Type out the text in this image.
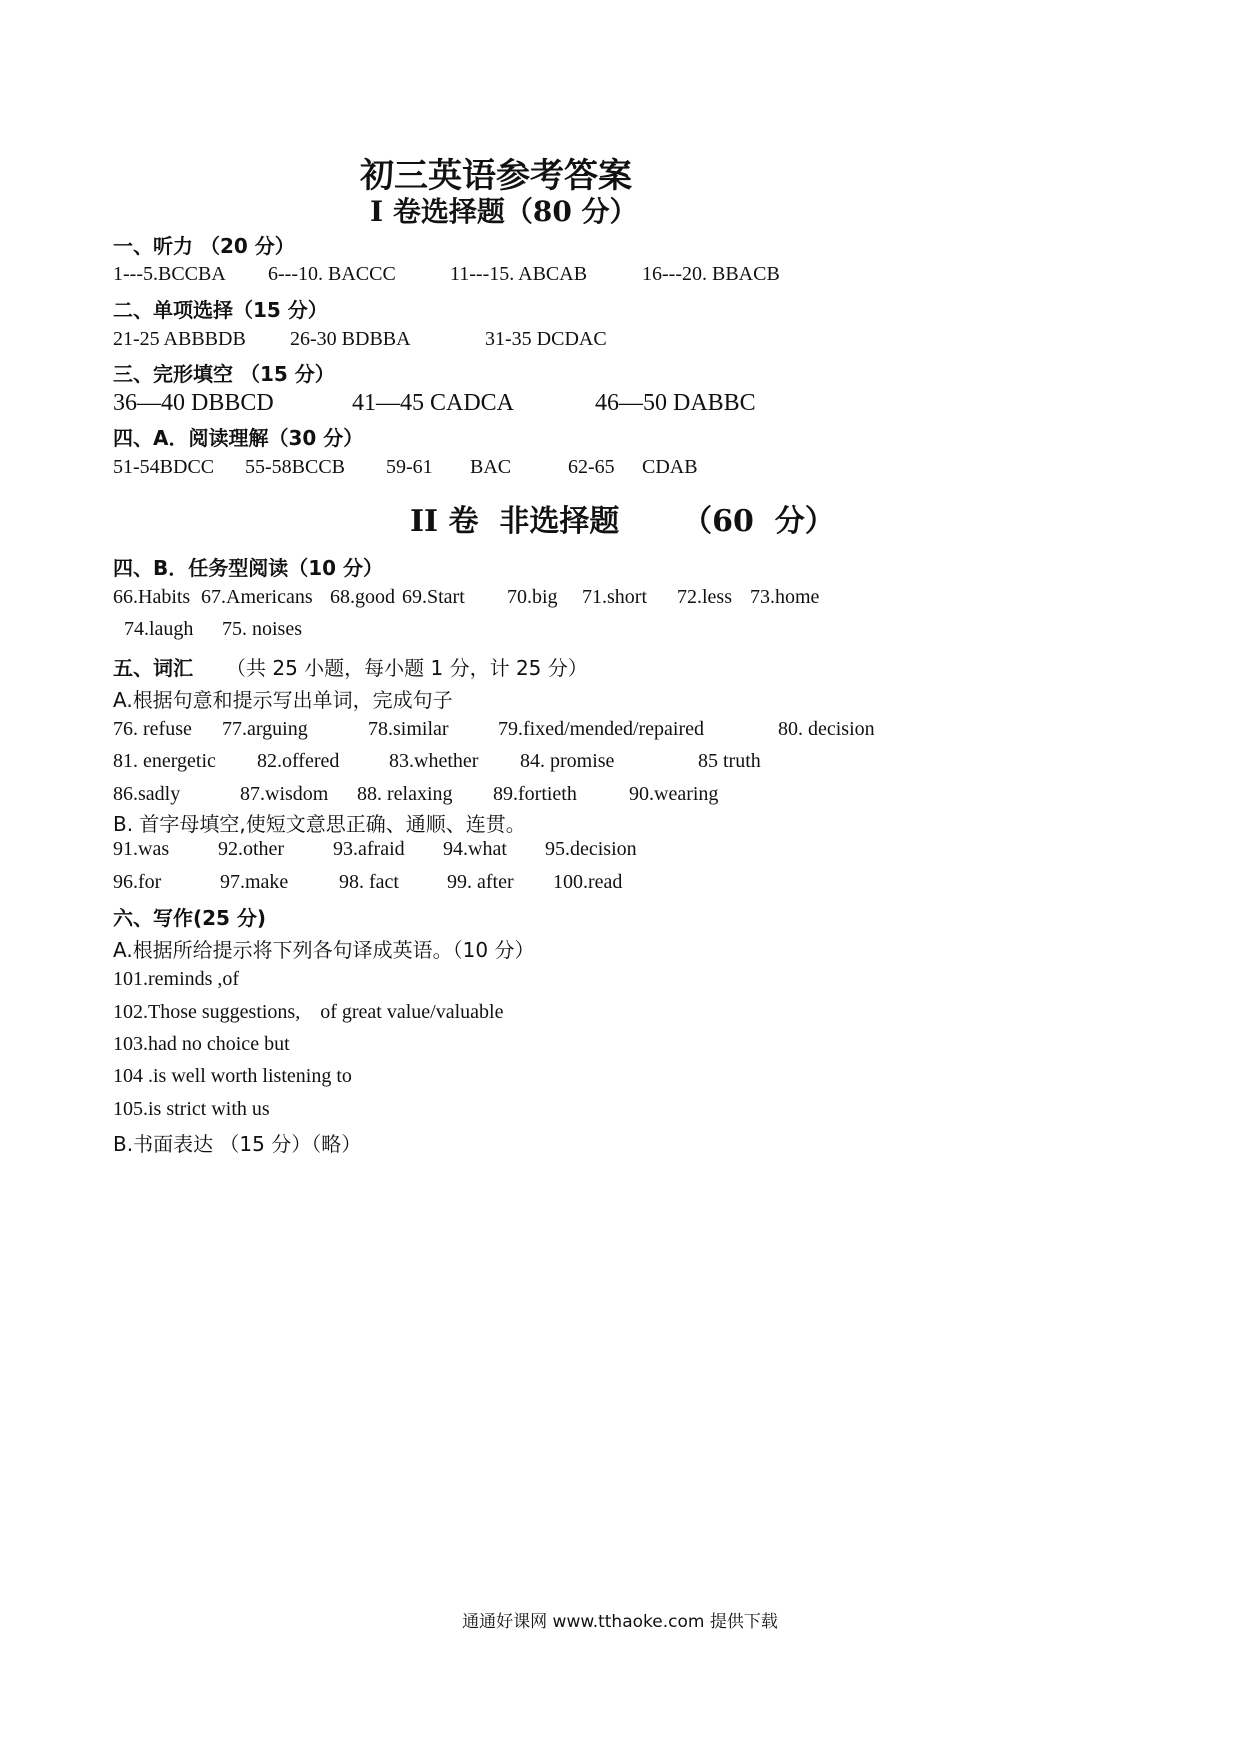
初三英语参考答案
I 卷选择题（80 分）
一、听力 （20 分）
1---5.BCCBA 6---10. BACCC	11---15. ABCAB	16---20. BBACB
二、单项选择（15 分）
21-25 ABBBDB 26-30 BDBBA	31-35 DCDAC
三、完形填空 （15 分）
36—40 DBBCD	41—45 CADCA	46—50 DABBC
四、A．阅读理解（30 分）
51-54BDCC 55-58BCCB 59-61 BAC	62-65 CDAB
II 卷  非选择题      （60  分）
四、B．任务型阅读（10 分）
66.Habits 67.Americans 68.good 69.Start 70.big 71.short 72.less 73.home
74.laugh 75. noises
五、词汇 （共 25 小题，每小题 1 分，计 25 分）
A.根据句意和提示写出单词，完成句子
76. refuse 77.arguing	78.similar 79.fixed/mended/repaired	80. decision
81. energetic 82.offered 83.whether 84. promise	85 truth
86.sadly	87.wisdom 88. relaxing 89.fortieth	90.wearing
B. 首字母填空,使短文意思正确、通顺、连贯。
91.was 92.other 93.afraid 94.what 95.decision
96.for	97.make	98. fact 99. after 100.read
六、写作(25 分)
A.根据所给提示将下列各句译成英语。（10 分）
101.reminds ,of
102.Those suggestions,    of great value/valuable
103.had no choice but
104 .is well worth listening to
105.is strict with us
B.书面表达 （15 分）（略）
通通好课网 www.tthaoke.com 提供下载
